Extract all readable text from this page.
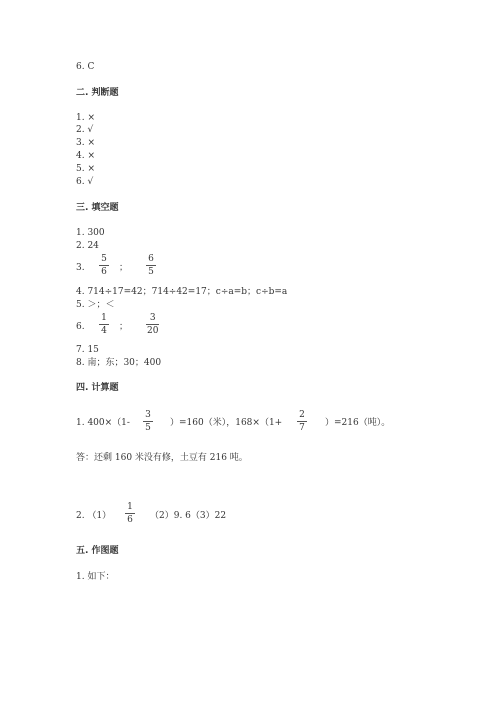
6. C
二. 判断题
1. ×
2. √
3. ×
4. ×
5. ×
6. √
三. 填空题
1. 300
2. 24
3.
5
6 ；
6
5
4. 714÷17=42；714÷42=17；c÷a=b；c÷b=a
5. ＞；＜
6.
1
4 ；
3
20
7. 15
8. 南；东；30；400
四. 计算题
1. 400×（1-
3
5 ）=160（米），168×（1+
2
7 ）=216（吨）。
答：还剩 160 米没有修，土豆有 216 吨。
2. （1）
1
6 （2）9. 6（3）22
五. 作图题
1. 如下：
